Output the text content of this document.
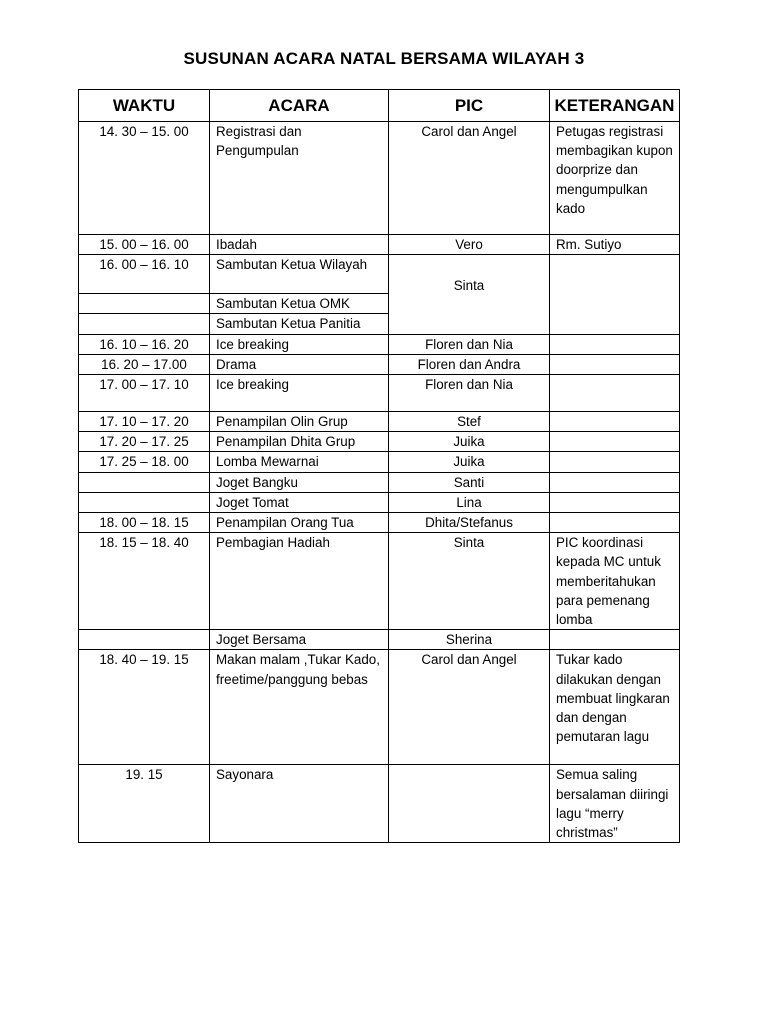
SUSUNAN ACARA NATAL BERSAMA WILAYAH 3
WAKTU	ACARA	PIC	KETERANGAN
14. 30 – 15. 00	Registrasi dan Pengumpulan	Carol dan Angel	Petugas registrasi membagikan kupon doorprize dan mengumpulkan kado
15. 00 – 16. 00	Ibadah	Vero	Rm. Sutiyo
16. 00 – 16. 10	Sambutan Ketua Wilayah	Sinta	
	Sambutan Ketua OMK		
	Sambutan Ketua Panitia		
16. 10 – 16. 20	Ice breaking	Floren dan Nia	
16. 20 – 17.00	Drama	Floren dan Andra	
17. 00 – 17. 10	Ice breaking	Floren dan Nia	
17. 10 – 17. 20	Penampilan Olin Grup	Stef	
17. 20 – 17. 25	Penampilan Dhita Grup	Juika	
17. 25 – 18. 00	Lomba Mewarnai	Juika	
	Joget Bangku	Santi	
	Joget Tomat	Lina	
18. 00 – 18. 15	Penampilan Orang Tua	Dhita/Stefanus	
18. 15 – 18. 40	Pembagian Hadiah	Sinta	PIC koordinasi kepada MC untuk memberitahukan para pemenang lomba
	Joget Bersama	Sherina	
18. 40 – 19. 15	Makan malam ,Tukar Kado, freetime/panggung bebas	Carol dan Angel	Tukar kado dilakukan dengan membuat lingkaran dan dengan pemutaran lagu
19. 15	Sayonara		Semua saling bersalaman diiringi lagu “merry christmas”
